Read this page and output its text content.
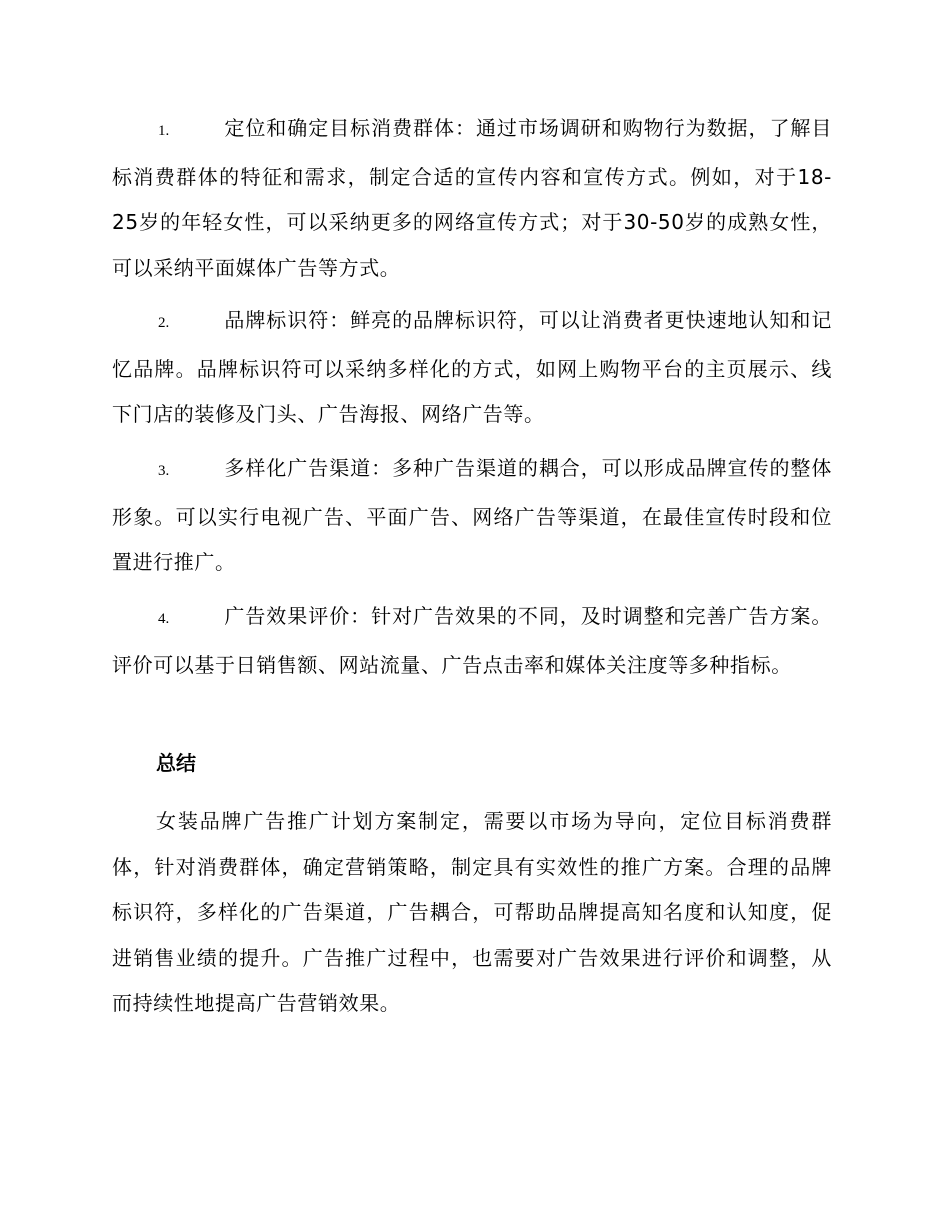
1.	定位和确定目标消费群体：通过市场调研和购物行为数据，了解目标消费群体的特征和需求，制定合适的宣传内容和宣传方式。例如，对于18-25岁的年轻女性，可以采纳更多的网络宣传方式；对于30-50岁的成熟女性，可以采纳平面媒体广告等方式。

2.	品牌标识符：鲜亮的品牌标识符，可以让消费者更快速地认知和记忆品牌。品牌标识符可以采纳多样化的方式，如网上购物平台的主页展示、线下门店的装修及门头、广告海报、网络广告等。

3.	多样化广告渠道：多种广告渠道的耦合，可以形成品牌宣传的整体形象。可以实行电视广告、平面广告、网络广告等渠道，在最佳宣传时段和位置进行推广。

4.	广告效果评价：针对广告效果的不同，及时调整和完善广告方案。评价可以基于日销售额、网站流量、广告点击率和媒体关注度等多种指标。

总结

女装品牌广告推广计划方案制定，需要以市场为导向，定位目标消费群体，针对消费群体，确定营销策略，制定具有实效性的推广方案。合理的品牌标识符，多样化的广告渠道，广告耦合，可帮助品牌提高知名度和认知度，促进销售业绩的提升。广告推广过程中，也需要对广告效果进行评价和调整，从而持续性地提高广告营销效果。
